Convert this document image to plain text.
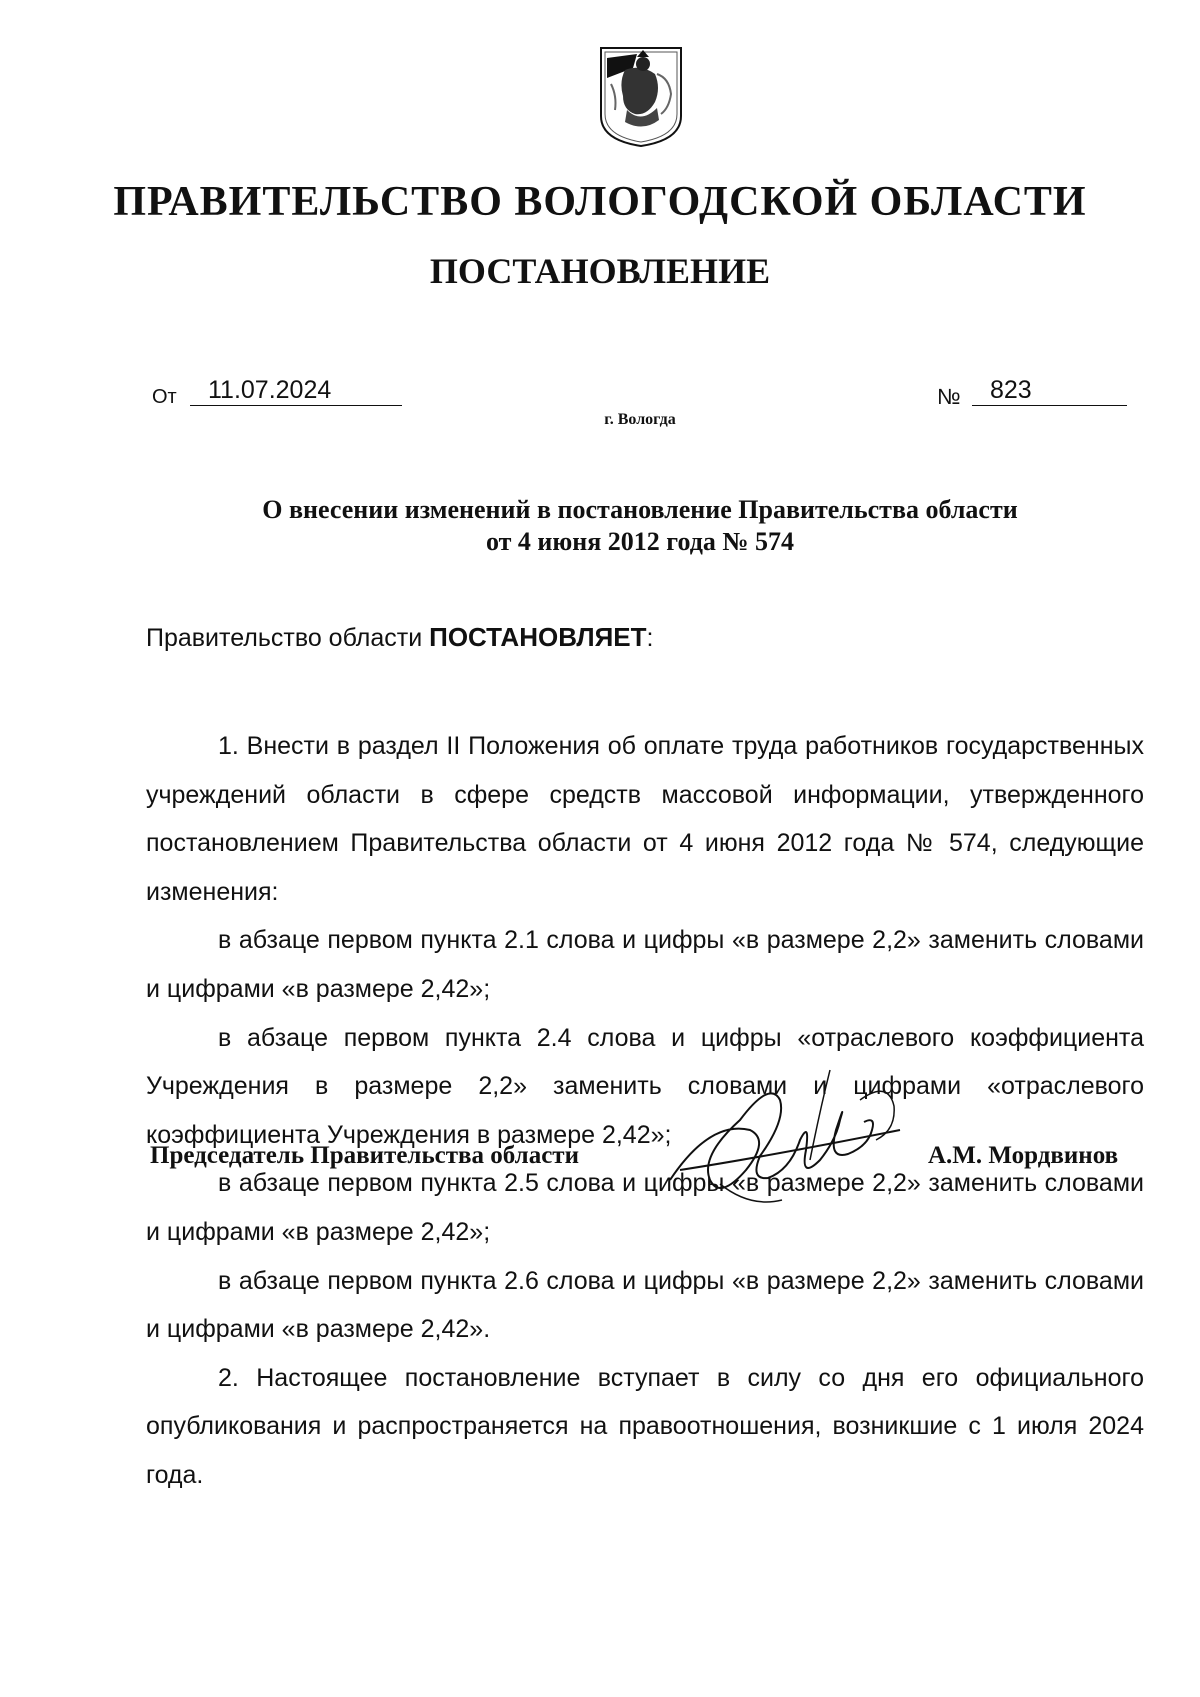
ПРАВИТЕЛЬСТВО ВОЛОГОДСКОЙ ОБЛАСТИ
ПОСТАНОВЛЕНИЕ
От	11.07.2024	№	823
г. Вологда
О внесении изменений в постановление Правительства области
от 4 июня 2012 года № 574
Правительство области ПОСТАНОВЛЯЕТ:

1. Внести в раздел II Положения об оплате труда работников государственных учреждений области в сфере средств массовой информации, утвержденного постановлением Правительства области от 4 июня 2012 года № 574, следующие изменения:

в абзаце первом пункта 2.1 слова и цифры «в размере 2,2» заменить словами и цифрами «в размере 2,42»;

в абзаце первом пункта 2.4 слова и цифры «отраслевого коэффициента Учреждения в размере 2,2» заменить словами и цифрами «отраслевого коэффициента Учреждения в размере 2,42»;

в абзаце первом пункта 2.5 слова и цифры «в размере 2,2» заменить словами и цифрами «в размере 2,42»;

в абзаце первом пункта 2.6 слова и цифры «в размере 2,2» заменить словами и цифрами «в размере 2,42».

2. Настоящее постановление вступает в силу со дня его официального опубликования и распространяется на правоотношения, возникшие с 1 июля 2024 года.

Председатель Правительства области	А.М. Мордвинов
